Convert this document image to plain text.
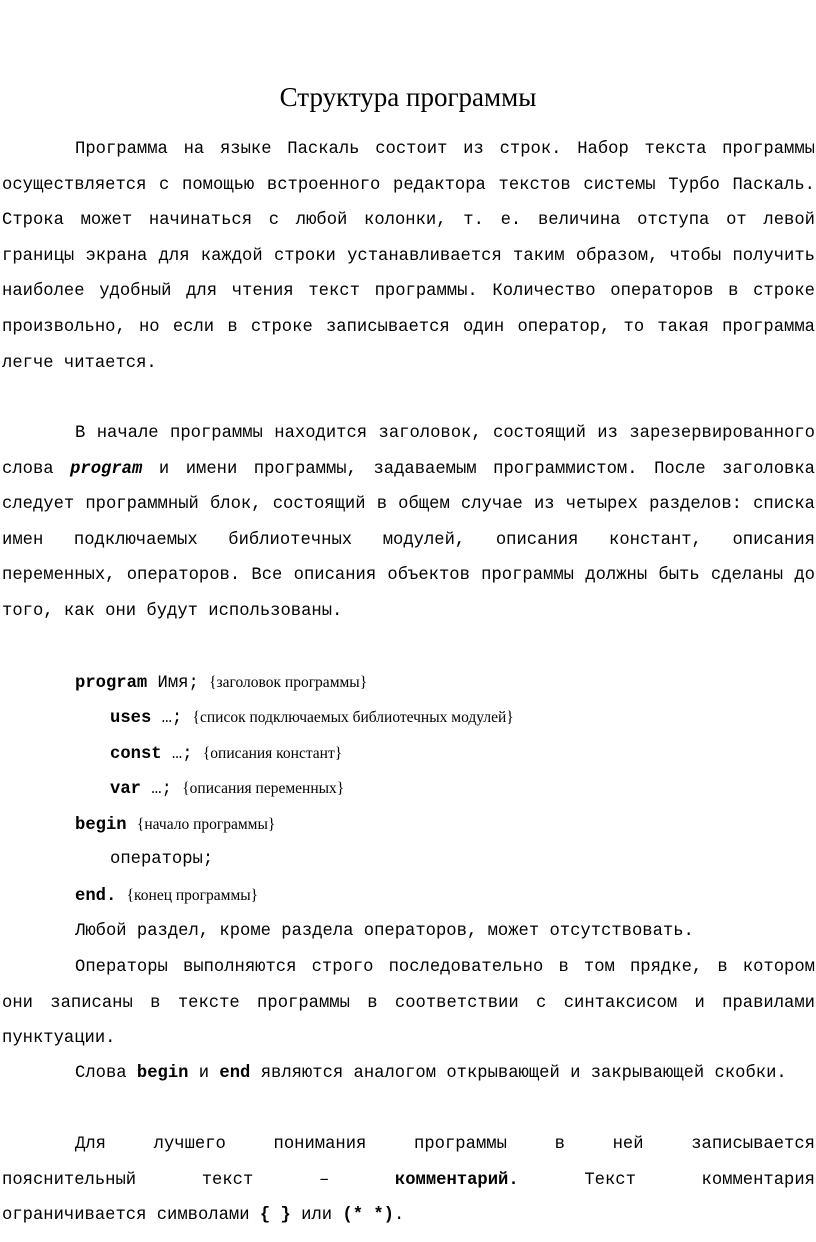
Структура программы
Программа на языке Паскаль состоит из строк. Набор текста программы осуществляется с помощью встроенного редактора текстов системы Турбо Паскаль. Строка может начинаться с любой колонки, т. е. величина отступа от левой границы экрана для каждой строки устанавливается таким образом, чтобы получить наиболее удобный для чтения текст программы. Количество операторов в строке произвольно, но если в строке записывается один оператор, то такая программа легче читается.
В начале программы находится заголовок, состоящий из зарезервированного слова program и имени программы, задаваемым программистом. После заголовка следует программный блок, состоящий в общем случае из четырех разделов: списка имен подключаемых библиотечных модулей, описания констант, описания переменных, операторов. Все описания объектов программы должны быть сделаны до того, как они будут использованы.
program Имя; {заголовок программы}
uses …; {список подключаемых библиотечных модулей}
const …; {описания констант}
var …; {описания переменных}
begin {начало программы}
операторы;
end. {конец программы}
Любой раздел, кроме раздела операторов, может отсутствовать.
Операторы выполняются строго последовательно в том прядке, в котором они записаны в тексте программы в соответствии с синтаксисом и правилами пунктуации.
Слова begin и end являются аналогом открывающей и закрывающей скобки.
Для лучшего понимания программы в ней записывается
пояснительный текст – комментарий. Текст комментария
ограничивается символами { } или (* *).
